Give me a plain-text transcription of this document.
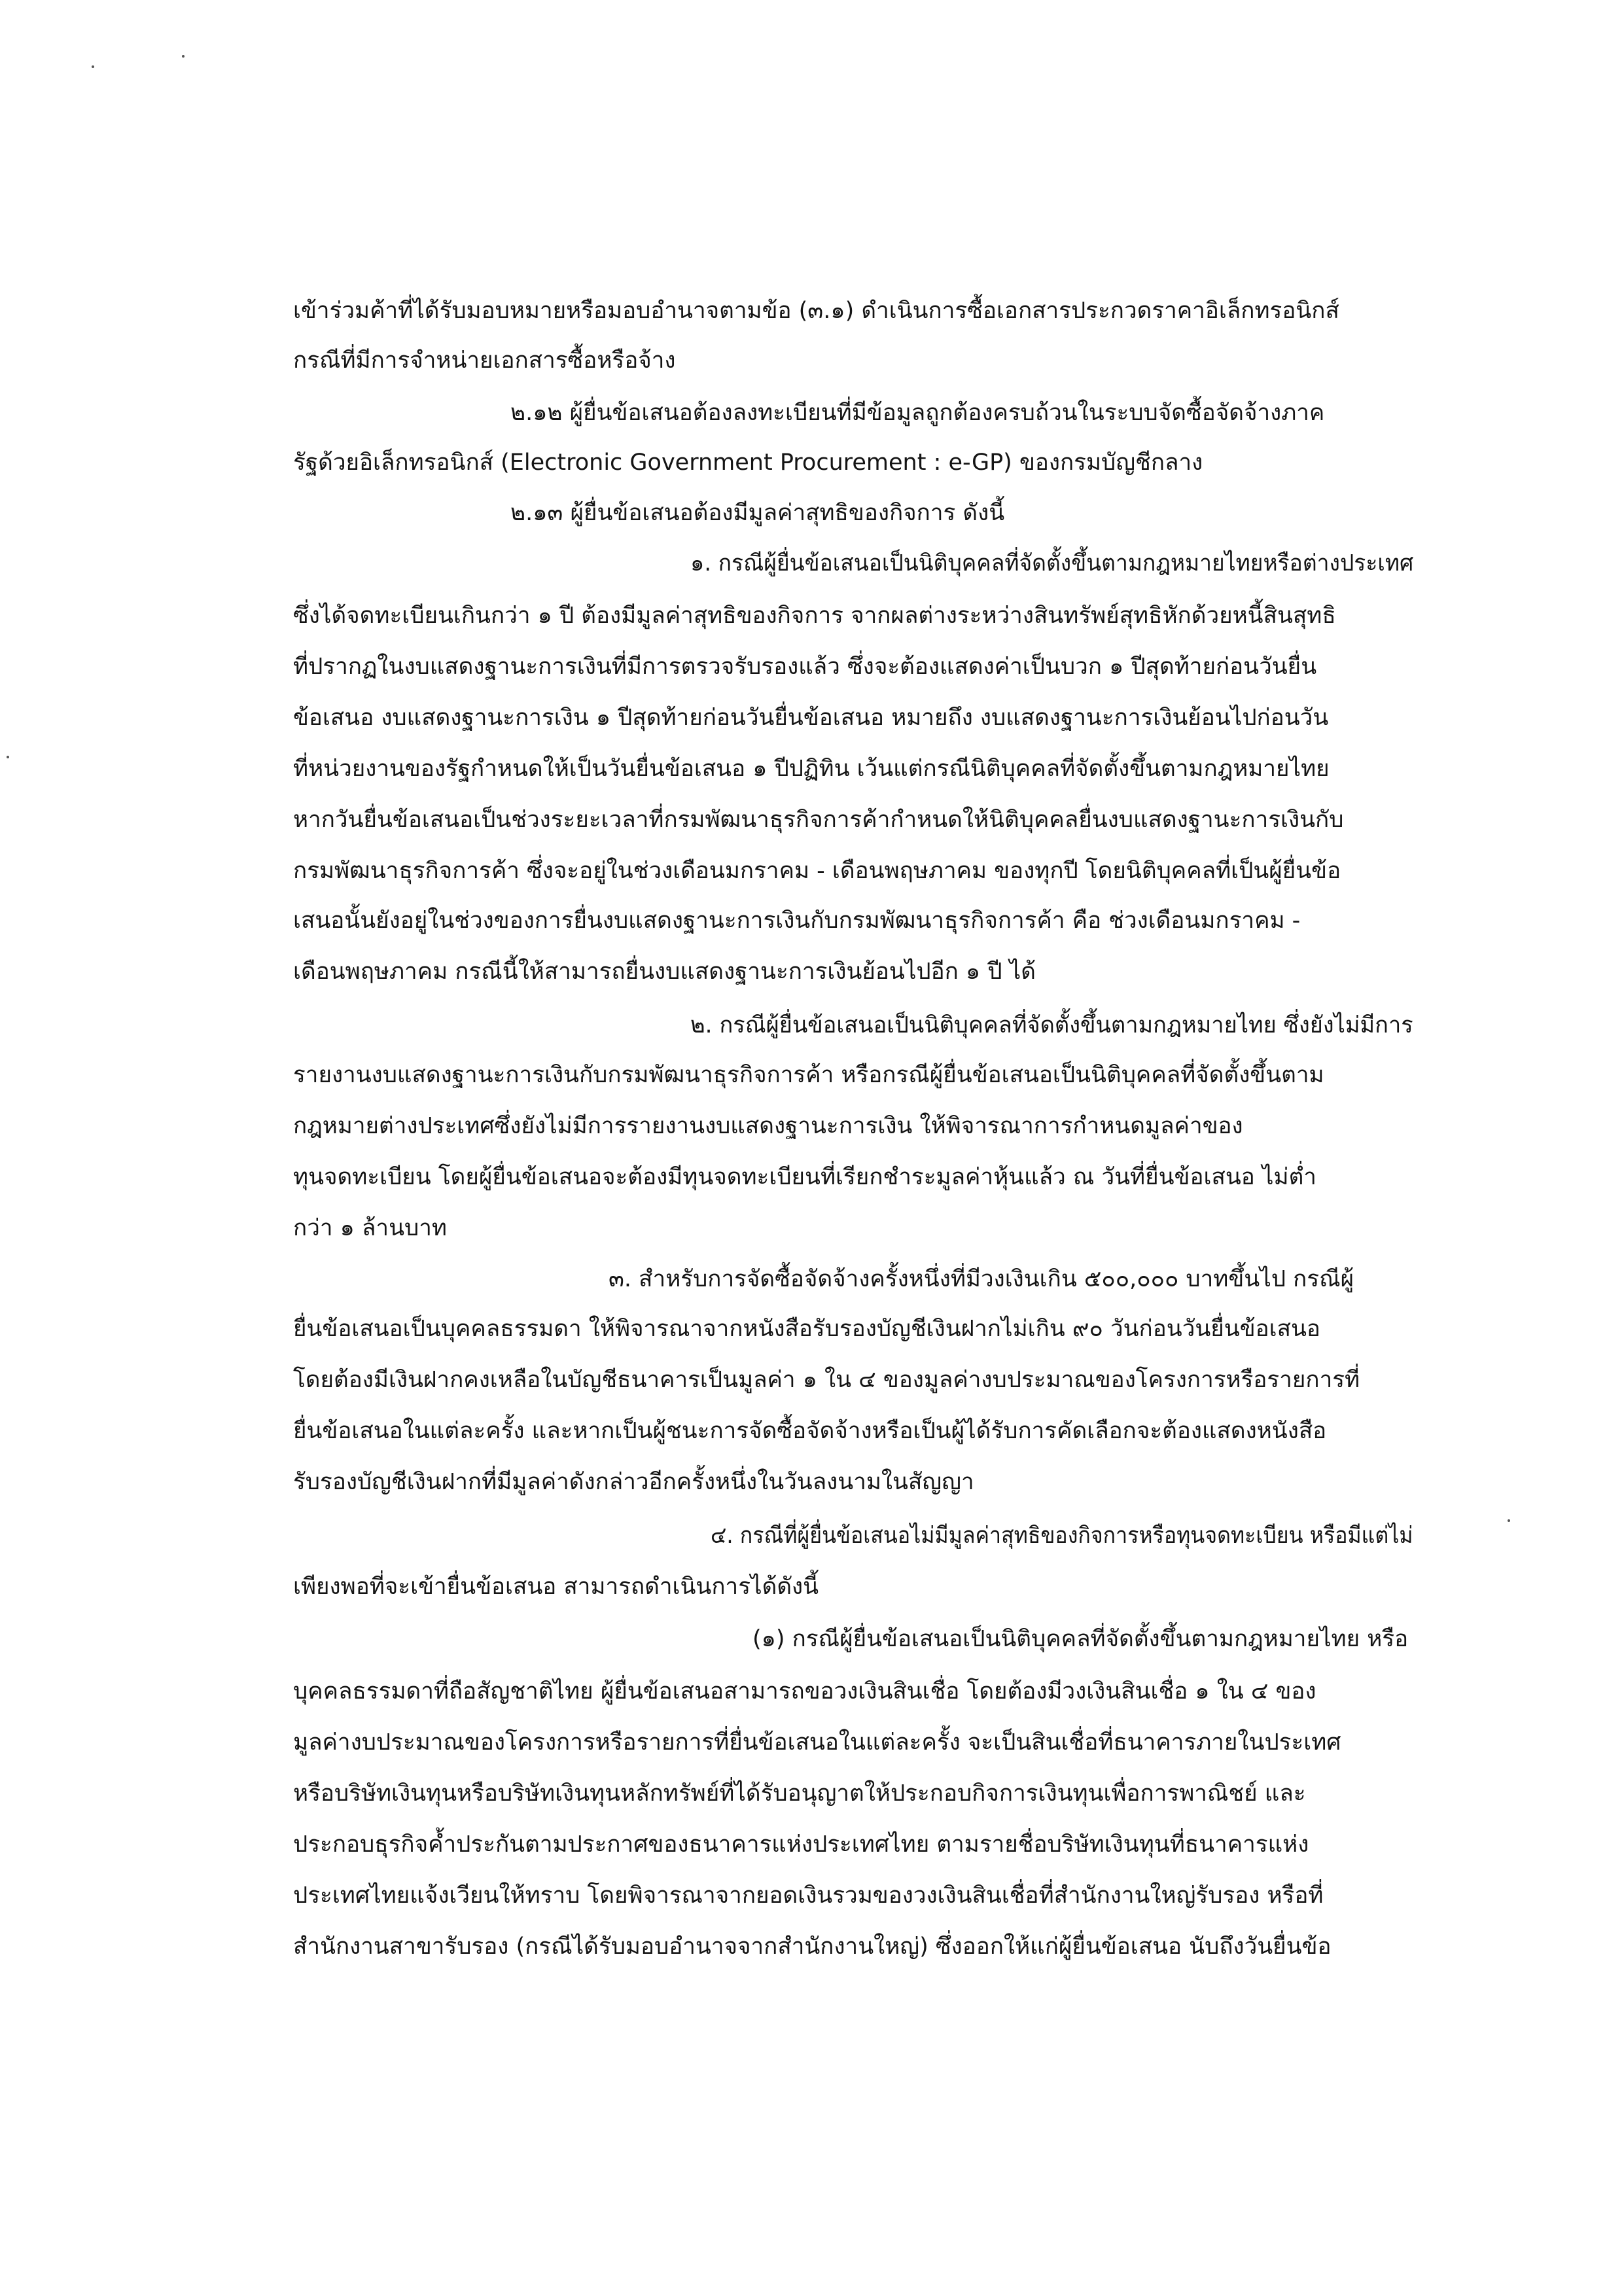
เข้าร่วมค้าที่ได้รับมอบหมายหรือมอบอำนาจตามข้อ (๓.๑) ดำเนินการซื้อเอกสารประกวดราคาอิเล็กทรอนิกส์

กรณีที่มีการจำหน่ายเอกสารซื้อหรือจ้าง

๒.๑๒ ผู้ยื่นข้อเสนอต้องลงทะเบียนที่มีข้อมูลถูกต้องครบถ้วนในระบบจัดซื้อจัดจ้างภาค

รัฐด้วยอิเล็กทรอนิกส์ (Electronic Government Procurement : e-GP) ของกรมบัญชีกลาง

๒.๑๓ ผู้ยื่นข้อเสนอต้องมีมูลค่าสุทธิของกิจการ ดังนี้

๑. กรณีผู้ยื่นข้อเสนอเป็นนิติบุคคลที่จัดตั้งขึ้นตามกฎหมายไทยหรือต่างประเทศ

ซึ่งได้จดทะเบียนเกินกว่า ๑ ปี ต้องมีมูลค่าสุทธิของกิจการ จากผลต่างระหว่างสินทรัพย์สุทธิหักด้วยหนี้สินสุทธิ

ที่ปรากฏในงบแสดงฐานะการเงินที่มีการตรวจรับรองแล้ว ซึ่งจะต้องแสดงค่าเป็นบวก ๑ ปีสุดท้ายก่อนวันยื่น

ข้อเสนอ งบแสดงฐานะการเงิน ๑ ปีสุดท้ายก่อนวันยื่นข้อเสนอ หมายถึง งบแสดงฐานะการเงินย้อนไปก่อนวัน

ที่หน่วยงานของรัฐกำหนดให้เป็นวันยื่นข้อเสนอ ๑ ปีปฏิทิน เว้นแต่กรณีนิติบุคคลที่จัดตั้งขึ้นตามกฎหมายไทย

หากวันยื่นข้อเสนอเป็นช่วงระยะเวลาที่กรมพัฒนาธุรกิจการค้ากำหนดให้นิติบุคคลยื่นงบแสดงฐานะการเงินกับ

กรมพัฒนาธุรกิจการค้า ซึ่งจะอยู่ในช่วงเดือนมกราคม - เดือนพฤษภาคม ของทุกปี โดยนิติบุคคลที่เป็นผู้ยื่นข้อ

เสนอนั้นยังอยู่ในช่วงของการยื่นงบแสดงฐานะการเงินกับกรมพัฒนาธุรกิจการค้า คือ ช่วงเดือนมกราคม -

เดือนพฤษภาคม กรณีนี้ให้สามารถยื่นงบแสดงฐานะการเงินย้อนไปอีก ๑ ปี ได้

๒. กรณีผู้ยื่นข้อเสนอเป็นนิติบุคคลที่จัดตั้งขึ้นตามกฎหมายไทย ซึ่งยังไม่มีการ

รายงานงบแสดงฐานะการเงินกับกรมพัฒนาธุรกิจการค้า หรือกรณีผู้ยื่นข้อเสนอเป็นนิติบุคคลที่จัดตั้งขึ้นตาม

กฎหมายต่างประเทศซึ่งยังไม่มีการรายงานงบแสดงฐานะการเงิน ให้พิจารณาการกำหนดมูลค่าของ

ทุนจดทะเบียน โดยผู้ยื่นข้อเสนอจะต้องมีทุนจดทะเบียนที่เรียกชำระมูลค่าหุ้นแล้ว ณ วันที่ยื่นข้อเสนอ ไม่ต่ำ

กว่า ๑ ล้านบาท

๓. สำหรับการจัดซื้อจัดจ้างครั้งหนึ่งที่มีวงเงินเกิน ๕๐๐,๐๐๐ บาทขึ้นไป กรณีผู้

ยื่นข้อเสนอเป็นบุคคลธรรมดา ให้พิจารณาจากหนังสือรับรองบัญชีเงินฝากไม่เกิน ๙๐ วันก่อนวันยื่นข้อเสนอ

โดยต้องมีเงินฝากคงเหลือในบัญชีธนาคารเป็นมูลค่า ๑ ใน ๔ ของมูลค่างบประมาณของโครงการหรือรายการที่

ยื่นข้อเสนอในแต่ละครั้ง และหากเป็นผู้ชนะการจัดซื้อจัดจ้างหรือเป็นผู้ได้รับการคัดเลือกจะต้องแสดงหนังสือ

รับรองบัญชีเงินฝากที่มีมูลค่าดังกล่าวอีกครั้งหนึ่งในวันลงนามในสัญญา

๔. กรณีที่ผู้ยื่นข้อเสนอไม่มีมูลค่าสุทธิของกิจการหรือทุนจดทะเบียน หรือมีแต่ไม่

เพียงพอที่จะเข้ายื่นข้อเสนอ สามารถดำเนินการได้ดังนี้

(๑) กรณีผู้ยื่นข้อเสนอเป็นนิติบุคคลที่จัดตั้งขึ้นตามกฎหมายไทย หรือ

บุคคลธรรมดาที่ถือสัญชาติไทย ผู้ยื่นข้อเสนอสามารถขอวงเงินสินเชื่อ โดยต้องมีวงเงินสินเชื่อ ๑ ใน ๔ ของ

มูลค่างบประมาณของโครงการหรือรายการที่ยื่นข้อเสนอในแต่ละครั้ง จะเป็นสินเชื่อที่ธนาคารภายในประเทศ

หรือบริษัทเงินทุนหรือบริษัทเงินทุนหลักทรัพย์ที่ได้รับอนุญาตให้ประกอบกิจการเงินทุนเพื่อการพาณิชย์ และ

ประกอบธุรกิจค้ำประกันตามประกาศของธนาคารแห่งประเทศไทย ตามรายชื่อบริษัทเงินทุนที่ธนาคารแห่ง

ประเทศไทยแจ้งเวียนให้ทราบ โดยพิจารณาจากยอดเงินรวมของวงเงินสินเชื่อที่สำนักงานใหญ่รับรอง หรือที่

สำนักงานสาขารับรอง (กรณีได้รับมอบอำนาจจากสำนักงานใหญ่) ซึ่งออกให้แก่ผู้ยื่นข้อเสนอ นับถึงวันยื่นข้อ
